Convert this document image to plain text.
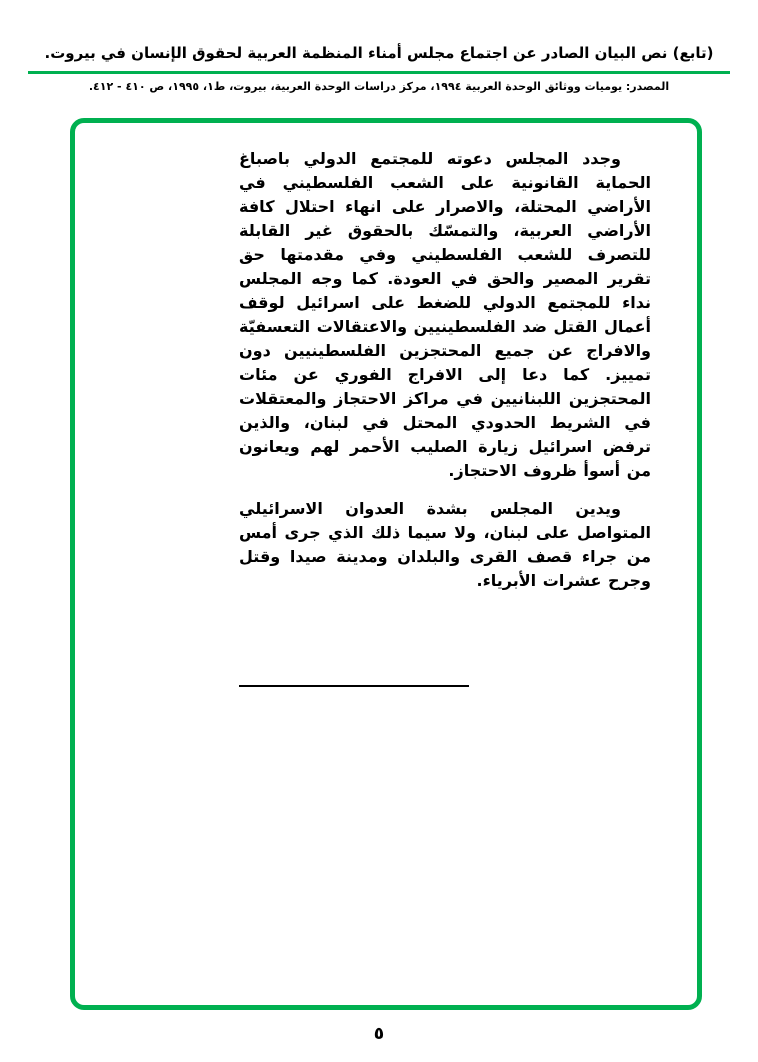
(تابع) نص البيان الصادر عن اجتماع مجلس أمناء المنظمة العربية لحقوق الإنسان في بيروت.
المصدر: يوميات ووثائق الوحدة العربية ١٩٩٤، مركز دراسات الوحدة العربية، بيروت، ط١، ١٩٩٥، ص ٤١٠ - ٤١٢.

وجدد المجلس دعوته للمجتمع الدولي باصباغ الحماية القانونية على الشعب الفلسطيني في الأراضي المحتلة، والاصرار على انهاء احتلال كافة الأراضي العربية، والتمسّك بالحقوق غير القابلة للتصرف للشعب الفلسطيني وفي مقدمتها حق تقرير المصير والحق في العودة. كما وجه المجلس نداء للمجتمع الدولي للضغط على اسرائيل لوقف أعمال القتل ضد الفلسطينيين والاعتقالات التعسفيّة والافراج عن جميع المحتجزين الفلسطينيين دون تمييز. كما دعا إلى الافراج الفوري عن مئات المحتجزين اللبنانيين في مراكز الاحتجاز والمعتقلات في الشريط الحدودي المحتل في لبنان، والذين ترفض اسرائيل زيارة الصليب الأحمر لهم ويعانون من أسوأ ظروف الاحتجاز.

ويدين المجلس بشدة العدوان الاسرائيلي المتواصل على لبنان، ولا سيما ذلك الذي جرى أمس من جراء قصف القرى والبلدان ومدينة صيدا وقتل وجرح عشرات الأبرياء.

٥
